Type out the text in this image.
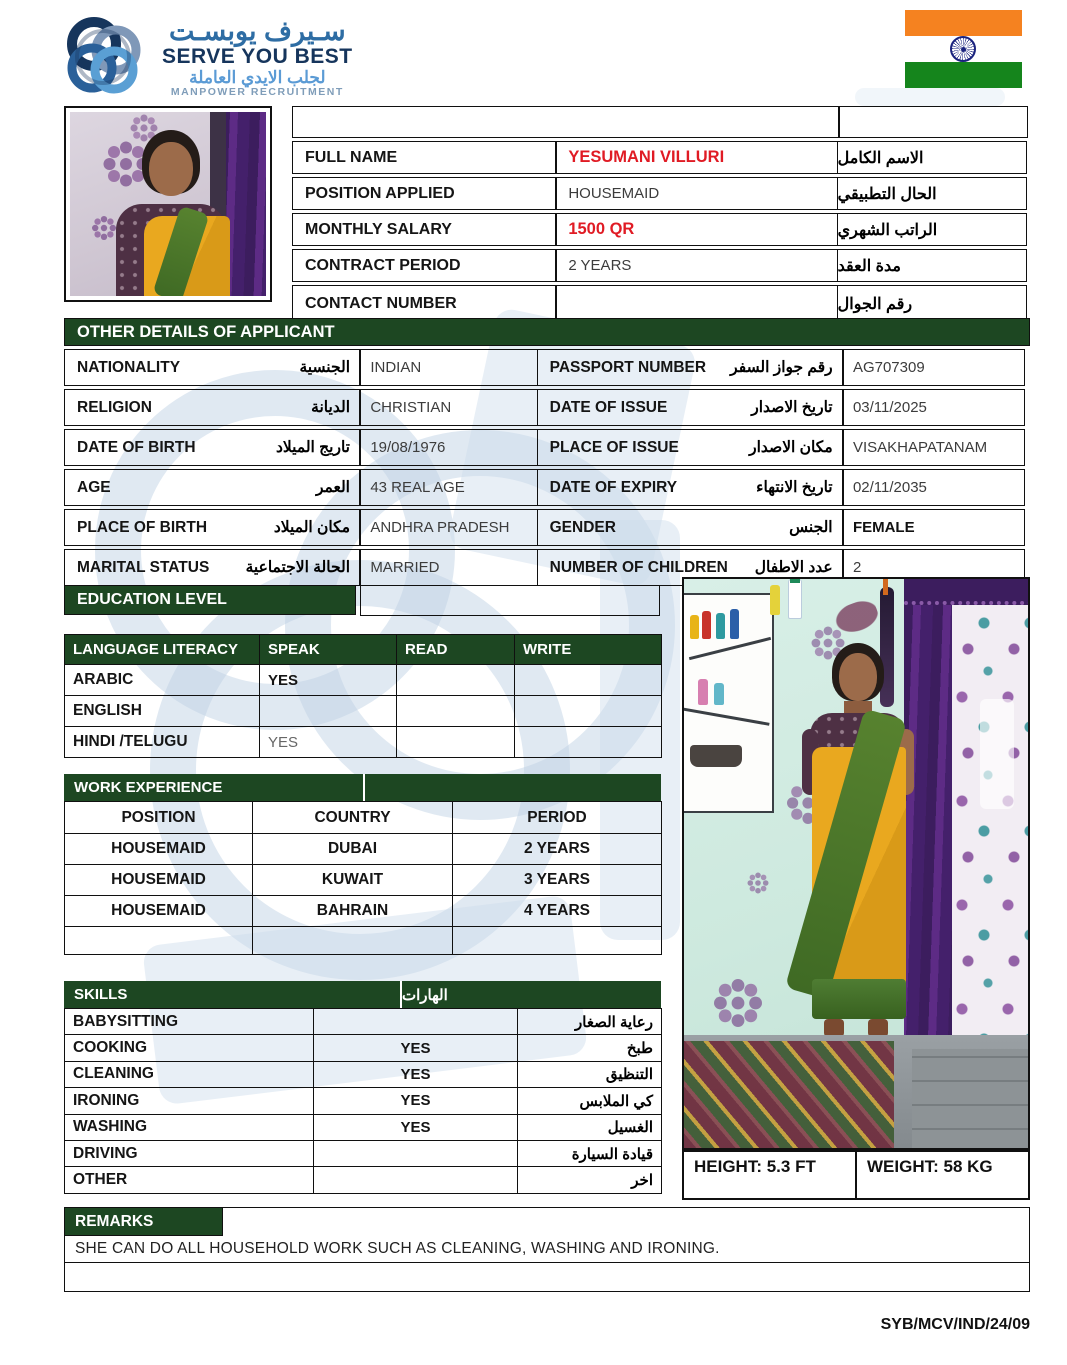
سـيرف يوبسـت
SERVE YOU BEST
لجلب الايدي العاملة
MANPOWER RECRUITMENT
EMPLOYMENT DETAILS	REF: JN
FULL NAME	YESUMANI VILLURI	الاسم الكامل
POSITION APPLIED	HOUSEMAID	الحال التطبيقي
MONTHLY SALARY	1500 QR	الراتب الشهري
CONTRACT PERIOD	2 YEARS	مدة العقد
CONTACT NUMBER	رقم الجوال
OTHER DETAILS OF APPLICANT
NATIONALITY	الجنسية	INDIAN	PASSPORT NUMBER رقم جواز السفر	AG707309
RELIGION	الديانة	CHRISTIAN	DATE OF ISSUE	تاريخ الاصدار	03/11/2025
DATE OF BIRTH	تاريج الميلاد	19/08/1976	PLACE OF ISSUE	مكان الاصدار	VISAKHAPATANAM
AGE	العمر	43 REAL AGE	DATE OF EXPIRY	تاريخ الانتهاء	02/11/2035
PLACE OF BIRTH	مكان الميلاد	ANDHRA PRADESH	GENDER	الجنس	FEMALE
MARITAL STATUS الحالة الاجتماعية	MARRIED	NUMBER OF CHILDREN عدد الاطفال	2
EDUCATION LEVEL
LANGUAGE LITERACY	SPEAK	READ	WRITE
ARABIC	YES		
ENGLISH			
HINDI /TELUGU	YES		
WORK EXPERIENCE
POSITION	COUNTRY	PERIOD
HOUSEMAID	DUBAI	2 YEARS
HOUSEMAID	KUWAIT	3 YEARS
HOUSEMAID	BAHRAIN	4 YEARS

SKILLS	الهارات
BABYSITTING		رعاية الصغار
COOKING	YES	طبخ
CLEANING	YES	التنظيق
IRONING	YES	كي الملابس
WASHING	YES	الغسيل
DRIVING		قيادة السيارة
OTHER		اخر
HEIGHT: 5.3 FT	WEIGHT: 58 KG
REMARKS
SHE CAN DO ALL HOUSEHOLD WORK SUCH AS CLEANING, WASHING AND IRONING.
SYB/MCV/IND/24/09
